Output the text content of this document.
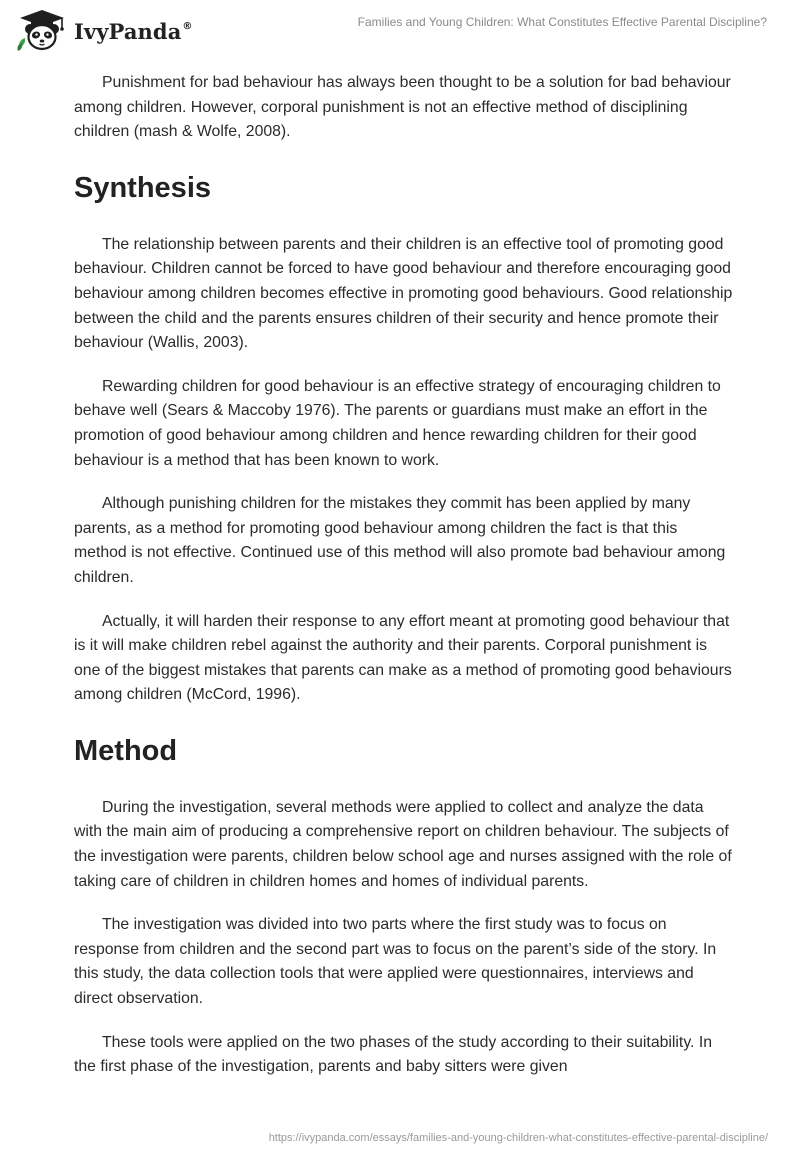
IvyPanda®	Families and Young Children: What Constitutes Effective Parental Discipline?

Punishment for bad behaviour has always been thought to be a solution for bad behaviour among children. However, corporal punishment is not an effective method of disciplining children (mash & Wolfe, 2008).

Synthesis

The relationship between parents and their children is an effective tool of promoting good behaviour. Children cannot be forced to have good behaviour and therefore encouraging good behaviour among children becomes effective in promoting good behaviours. Good relationship between the child and the parents ensures children of their security and hence promote their behaviour (Wallis, 2003).

Rewarding children for good behaviour is an effective strategy of encouraging children to behave well (Sears & Maccoby 1976). The parents or guardians must make an effort in the promotion of good behaviour among children and hence rewarding children for their good behaviour is a method that has been known to work.

Although punishing children for the mistakes they commit has been applied by many parents, as a method for promoting good behaviour among children the fact is that this method is not effective. Continued use of this method will also promote bad behaviour among children.

Actually, it will harden their response to any effort meant at promoting good behaviour that is it will make children rebel against the authority and their parents. Corporal punishment is one of the biggest mistakes that parents can make as a method of promoting good behaviours among children (McCord, 1996).

Method

During the investigation, several methods were applied to collect and analyze the data with the main aim of producing a comprehensive report on children behaviour. The subjects of the investigation were parents, children below school age and nurses assigned with the role of taking care of children in children homes and homes of individual parents.

The investigation was divided into two parts where the first study was to focus on response from children and the second part was to focus on the parent’s side of the story. In this study, the data collection tools that were applied were questionnaires, interviews and direct observation.

These tools were applied on the two phases of the study according to their suitability. In the first phase of the investigation, parents and baby sitters were given

https://ivypanda.com/essays/families-and-young-children-what-constitutes-effective-parental-discipline/
